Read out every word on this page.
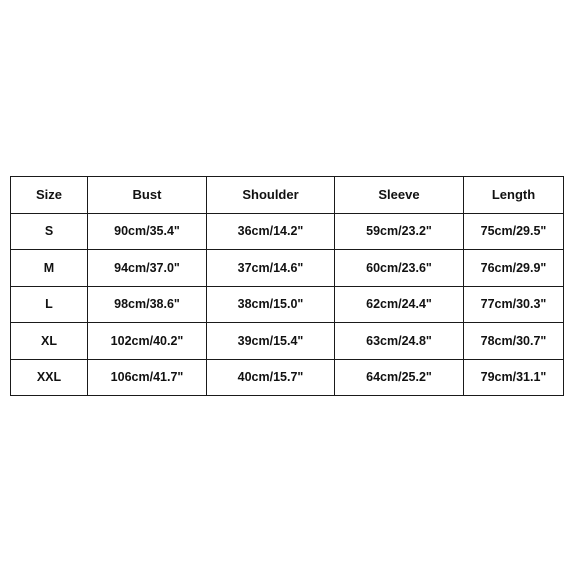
Size	Bust	Shoulder	Sleeve	Length
S	90cm/35.4"	36cm/14.2"	59cm/23.2"	75cm/29.5"
M	94cm/37.0"	37cm/14.6"	60cm/23.6"	76cm/29.9"
L	98cm/38.6"	38cm/15.0"	62cm/24.4"	77cm/30.3"
XL	102cm/40.2"	39cm/15.4"	63cm/24.8"	78cm/30.7"
XXL	106cm/41.7"	40cm/15.7"	64cm/25.2"	79cm/31.1"
